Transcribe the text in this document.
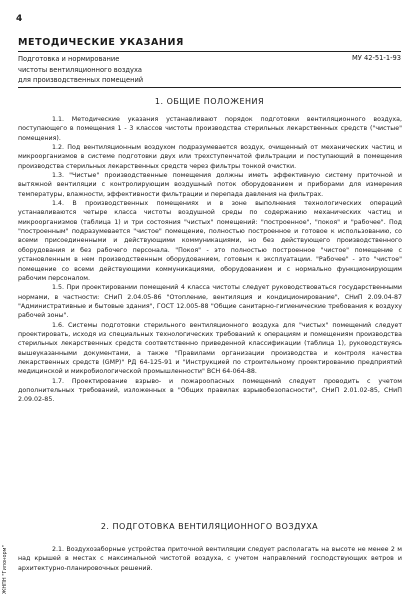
4
МЕТОДИЧЕСКИЕ УКАЗАНИЯ
Подготовка и нормирование
чистоты вентиляционного воздуха
для производственных помещений
МУ 42-51-1-93
1. ОБЩИЕ ПОЛОЖЕНИЯ

1.1. Методические указания устанавливают порядок подготовки вентиляционного воздуха, поступающего в помещения 1 - 3 классов чистоты производства стерильных лекарственных средств ("чистые" помещения).

1.2. Под вентиляционным воздухом подразумевается воздух, очищенный от механических частиц и микроорганизмов в системе подготовки двух или трехступенчатой фильтрации и поступающий в помещения производства стерильных лекарственных средств через фильтры тонкой очистки.

1.3. "Чистые" производственные помещения должны иметь эффективную систему приточной и вытяжной вентиляции с контролирующим воздушный поток оборудованием и приборами для измерения температуры, влажности, эффективности фильтрации и перепада давления на фильтрах.

1.4. В производственных помещениях и в зоне выполнения технологических операций устанавливаются четыре класса чистоты воздушной среды по содержанию механических частиц и микроорганизмов (таблица 1) и три состояния "чистых" помещений: "построенное", "покоя" и "рабочее". Под "построенным" подразумевается "чистое" помещение, полностью построенное и готовое к использованию, со всеми присоединенными и действующими коммуникациями, но без действующего производственного оборудования и без рабочего персонала. "Покоя" - это полностью построенное "чистое" помещение с установленным в нем производственным оборудованием, готовым к эксплуатации. "Рабочее" - это "чистое" помещение со всеми действующими коммуникациями, оборудованием и с нормально функционирующим рабочим персоналом.

1.5. При проектировании помещений 4 класса чистоты следует руководствоваться государственными нормами, в частности: СНиП 2.04.05-86 "Отопление, вентиляция и кондиционирование", СНиП 2.09.04-87 "Административные и бытовые здания", ГОСТ 12.005-88 "Общие санитарно-гигиенические требования к воздуху рабочей зоны".

1.6. Системы подготовки стерильного вентиляционного воздуха для "чистых" помещений следует проектировать, исходя из специальных технологических требований к операциям и помещениям производства стерильных лекарственных средств соответственно приведенной классификации (таблица 1), руководствуясь вышеуказанными документами, а также "Правилами организации производства и контроля качества лекарственных средств (GMP)" РД 64-125-91 и "Инструкцией по строительному проектированию предприятий медицинской и микробиологической промышленности" ВСН 64-064-88.

1.7. Проектирование взрыво- и пожароопасных помещений следует проводить с учетом дополнительных требований, изложенных в "Общих правилах взрывобезопасности", СНиП 2.01.02-85, СНиП 2.09.02-85.

2. ПОДГОТОВКА ВЕНТИЛЯЦИОННОГО ВОЗДУХА

2.1. Воздухозаборные устройства приточной вентиляции следует располагать на высоте не менее 2 м над крышей в местах с максимальной чистотой воздуха, с учетом направлений господствующих ветров и архитектурно-планировочных решений.

ЖНПН "Гипонорм"
